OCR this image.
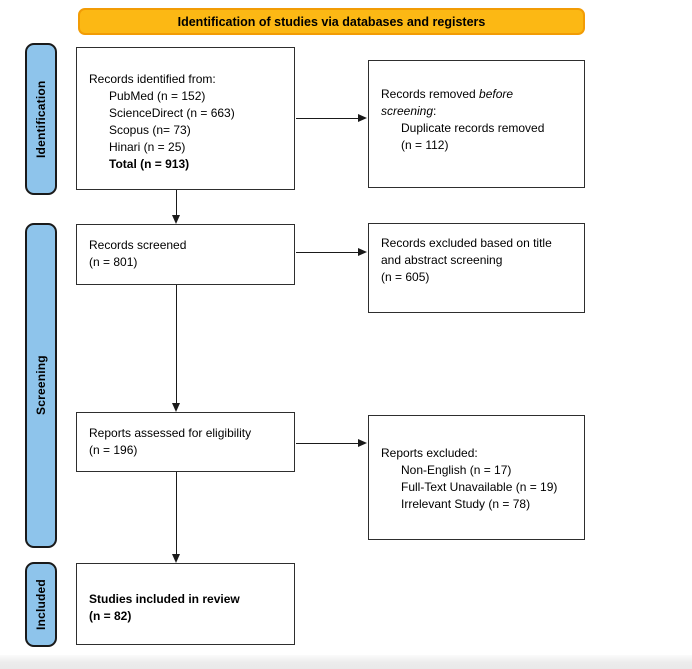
Identification of studies via databases and registers
Identification
Screening
Included
Records identified from:
PubMed (n = 152)
ScienceDirect (n = 663)
Scopus (n= 73)
Hinari (n = 25)
Total (n = 913)
Records removed before screening:
Duplicate records removed
(n = 112)
Records screened
(n = 801)
Records excluded based on title
and abstract screening
(n = 605)
Reports assessed for eligibility
(n = 196)	Reports excluded:
Non-English (n = 17)
Full-Text Unavailable (n = 19)
Irrelevant Study (n = 78)
Studies included in review
(n = 82)
